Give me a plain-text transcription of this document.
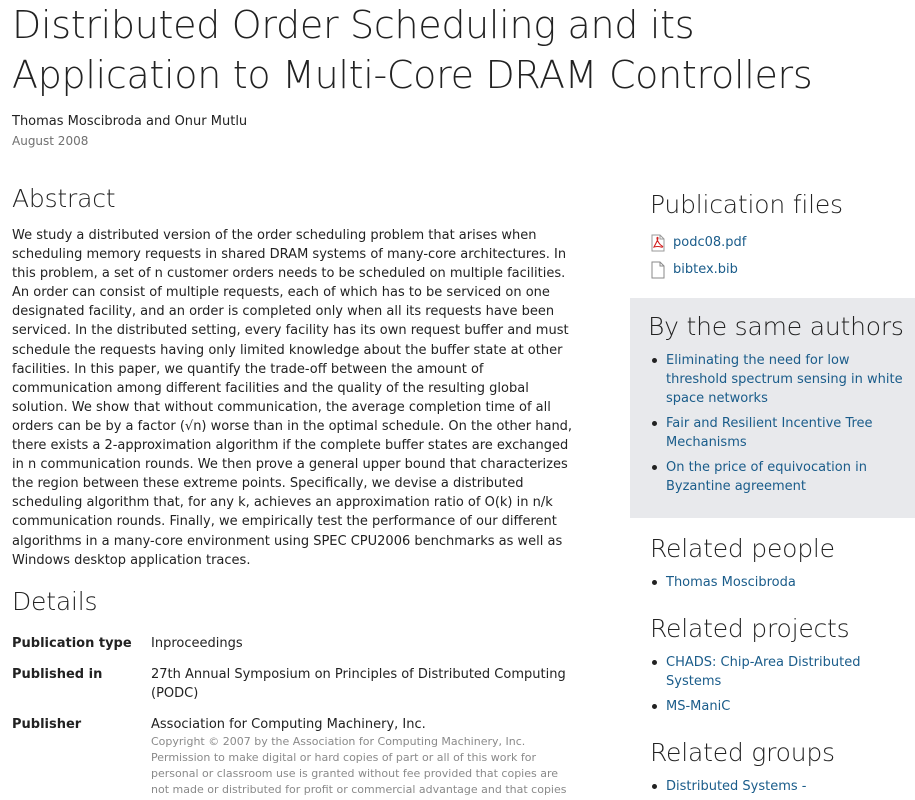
Distributed Order Scheduling and its Application to Multi-Core DRAM Controllers
Thomas Moscibroda and Onur Mutlu
August 2008
Abstract

We study a distributed version of the order scheduling problem that arises when scheduling memory requests in shared DRAM systems of many-core architectures. In this problem, a set of n customer orders needs to be scheduled on multiple facilities. An order can consist of multiple requests, each of which has to be serviced on one designated facility, and an order is completed only when all its requests have been serviced. In the distributed setting, every facility has its own request buffer and must schedule the requests having only limited knowledge about the buffer state at other facilities. In this paper, we quantify the trade-off between the amount of communication among different facilities and the quality of the resulting global solution. We show that without communication, the average completion time of all orders can be by a factor (√n) worse than in the optimal schedule. On the other hand, there exists a 2-approximation algorithm if the complete buffer states are exchanged in n communication rounds. We then prove a general upper bound that characterizes the region between these extreme points. Specifically, we devise a distributed scheduling algorithm that, for any k, achieves an approximation ratio of O(k) in n/k communication rounds. Finally, we empirically test the performance of our different algorithms in a many-core environment using SPEC CPU2006 benchmarks as well as Windows desktop application traces.

Details
Publication type	Inproceedings
Published in	27th Annual Symposium on Principles of Distributed Computing (PODC)
Publisher	Association for Computing Machinery, Inc.
Copyright © 2007 by the Association for Computing Machinery, Inc. Permission to make digital or hard copies of part or all of this work for personal or classroom use is granted without fee provided that copies are not made or distributed for profit or commercial advantage and that copies
Publication files
podc08.pdf
bibtex.bib
By the same authors
Eliminating the need for low threshold spectrum sensing in white space networks
Fair and Resilient Incentive Tree Mechanisms
On the price of equivocation in Byzantine agreement
Related people
Thomas Moscibroda
Related projects
CHADS: Chip-Area Distributed Systems
MS-ManiC
Related groups
Distributed Systems -
